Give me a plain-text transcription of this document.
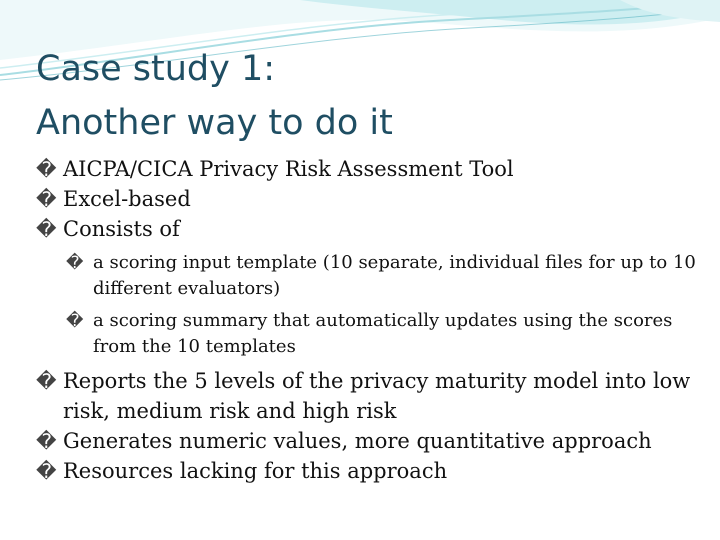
Case study 1:
Another way to do it

� AICPA/CICA Privacy Risk Assessment Tool

� Excel-based

� Consists of

� a scoring input template (10 separate, individual files for up to 10 different evaluators)

� a scoring summary that automatically updates using the scores from the 10 templates

� Reports the 5 levels of the privacy maturity model into low risk, medium risk and high risk

� Generates numeric values, more quantitative approach

� Resources lacking for this approach
